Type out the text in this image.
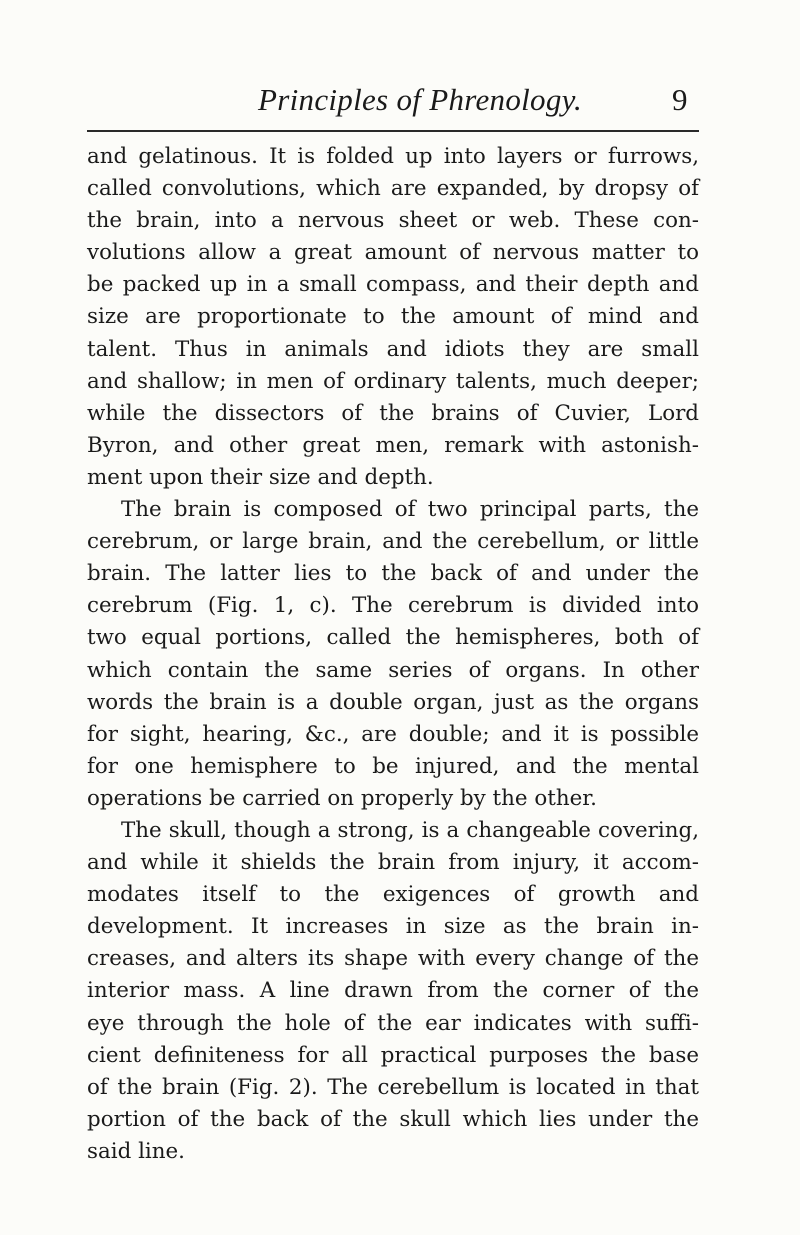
Principles of Phrenology.	9
and gelatinous. It is folded up into layers or furrows,
called convolutions, which are expanded, by dropsy of
the brain, into a nervous sheet or web. These con-
volutions allow a great amount of nervous matter to
be packed up in a small compass, and their depth and
size are proportionate to the amount of mind and
talent. Thus in animals and idiots they are small
and shallow; in men of ordinary talents, much deeper;
while the dissectors of the brains of Cuvier, Lord
Byron, and other great men, remark with astonish-
ment upon their size and depth.
The brain is composed of two principal parts, the
cerebrum, or large brain, and the cerebellum, or little
brain. The latter lies to the back of and under the
cerebrum (Fig. 1, c). The cerebrum is divided into
two equal portions, called the hemispheres, both of
which contain the same series of organs. In other
words the brain is a double organ, just as the organs
for sight, hearing, &c., are double; and it is possible
for one hemisphere to be injured, and the mental
operations be carried on properly by the other.
The skull, though a strong, is a changeable covering,
and while it shields the brain from injury, it accom-
modates itself to the exigences of growth and
development. It increases in size as the brain in-
creases, and alters its shape with every change of the
interior mass. A line drawn from the corner of the
eye through the hole of the ear indicates with suffi-
cient definiteness for all practical purposes the base
of the brain (Fig. 2). The cerebellum is located in that
portion of the back of the skull which lies under the
said line.
